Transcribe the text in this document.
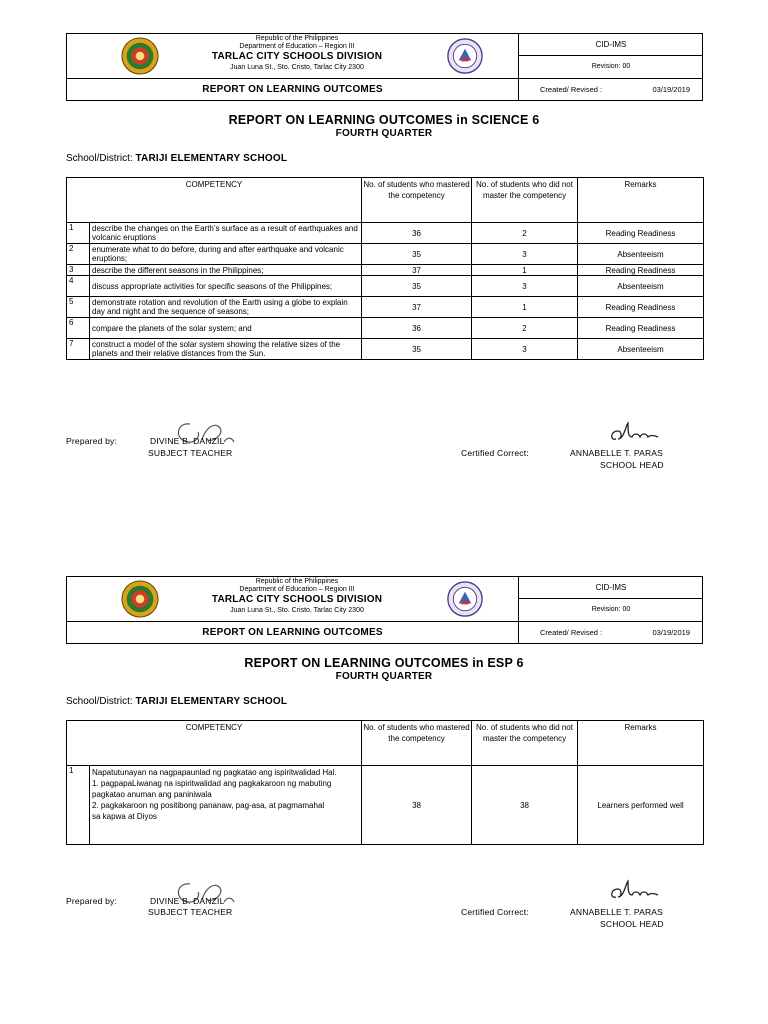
Republic of the Philippines
Department of Education – Region III
TARLAC CITY SCHOOLS DIVISION
Juan Luna St., Sto. Cristo, Tarlac City 2300
CID-IMS
Revision: 00
REPORT ON LEARNING OUTCOMES	Created/ Revised :	03/19/2019
REPORT ON LEARNING OUTCOMES in SCIENCE 6
FOURTH QUARTER
School/District: TARIJI ELEMENTARY SCHOOL
COMPETENCY		No. of students who mastered the competency	No. of students who did not master the competency	Remarks
1	describe the changes on the Earth’s surface as a result of earthquakes and volcanic eruptions	36	2	Reading Readiness
2	enumerate what to do before, during and after earthquake and volcanic eruptions;	35	3	Absenteeism
3	describe the different seasons in the Philippines;	37	1	Reading Readiness
4	discuss appropriate activities for specific seasons of the Philippines;	35	3	Absenteeism
5	demonstrate rotation and revolution of the Earth using a globe to explain day and night and the sequence of seasons;	37	1	Reading Readiness
6	compare the planets of the solar system; and	36	2	Reading Readiness
7	construct a model of the solar system showing the relative sizes of the planets and their relative distances from the Sun.	35	3	Absenteeism
Prepared by:	DIVINE B. DANZIL
SUBJECT TEACHER	Certified Correct:	ANNABELLE T. PARAS
SCHOOL HEAD
Republic of the Philippines
Department of Education – Region III
TARLAC CITY SCHOOLS DIVISION
Juan Luna St., Sto. Cristo, Tarlac City 2300
CID-IMS
Revision: 00
REPORT ON LEARNING OUTCOMES	Created/ Revised :	03/19/2019
REPORT ON LEARNING OUTCOMES in ESP 6
FOURTH QUARTER
School/District: TARIJI ELEMENTARY SCHOOL
COMPETENCY		No. of students who mastered the competency	No. of students who did not master the competency	Remarks
1	Napatutunayan na nagpapaunlad ng pagkatao ang ispiritwalidad Hal.
1. pagpapaLiwanag na ispiritwalidad ang pagkakaroon ng mabuting pagkatao anuman ang paniniwala
2. pagkakaroon ng positibong pananaw, pag-asa, at pagmamahal
sa kapwa at Diyos	38	38	Learners performed well
Prepared by:	DIVINE B. DANZIL
SUBJECT TEACHER	Certified Correct:	ANNABELLE T. PARAS
SCHOOL HEAD
